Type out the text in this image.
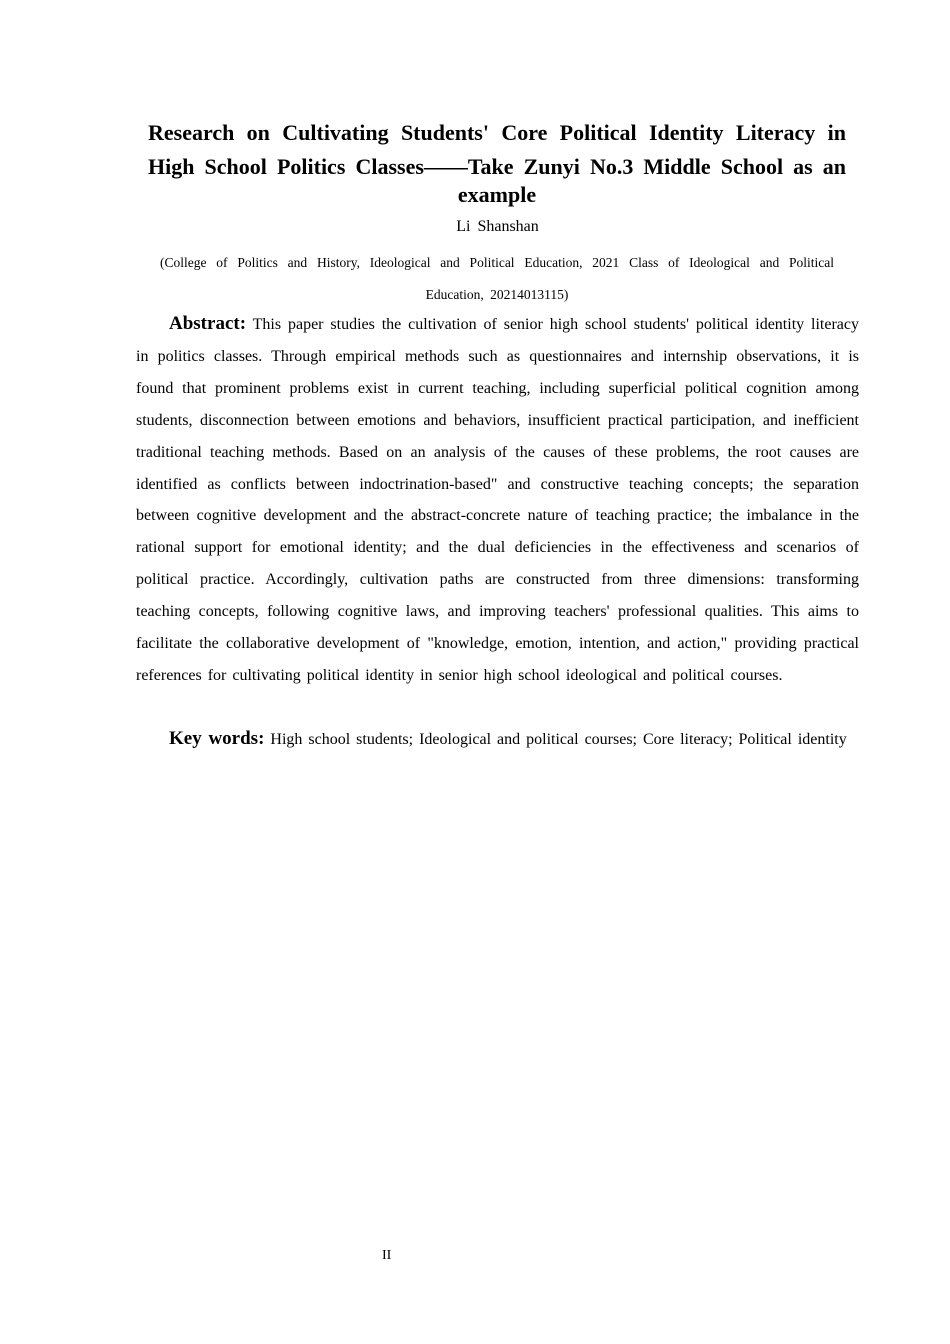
Research on Cultivating Students' Core Political Identity Literacy in
High School Politics Classes——Take Zunyi No.3 Middle School as an
example
Li Shanshan
(College of Politics and History, Ideological and Political Education, 2021 Class of Ideological and Political Education, 20214013115)

Abstract: This paper studies the cultivation of senior high school students' political identity literacy in politics classes. Through empirical methods such as questionnaires and internship observations, it is found that prominent problems exist in current teaching, including superficial political cognition among students, disconnection between emotions and behaviors, insufficient practical participation, and inefficient traditional teaching methods. Based on an analysis of the causes of these problems, the root causes are identified as conflicts between indoctrination-based" and constructive teaching concepts; the separation between cognitive development and the abstract-concrete nature of teaching practice; the imbalance in the rational support for emotional identity; and the dual deficiencies in the effectiveness and scenarios of political practice. Accordingly, cultivation paths are constructed from three dimensions: transforming teaching concepts, following cognitive laws, and improving teachers' professional qualities. This aims to facilitate the collaborative development of "knowledge, emotion, intention, and action," providing practical references for cultivating political identity in senior high school ideological and political courses.

Key words: High school students; Ideological and political courses; Core literacy; Political identity

II
